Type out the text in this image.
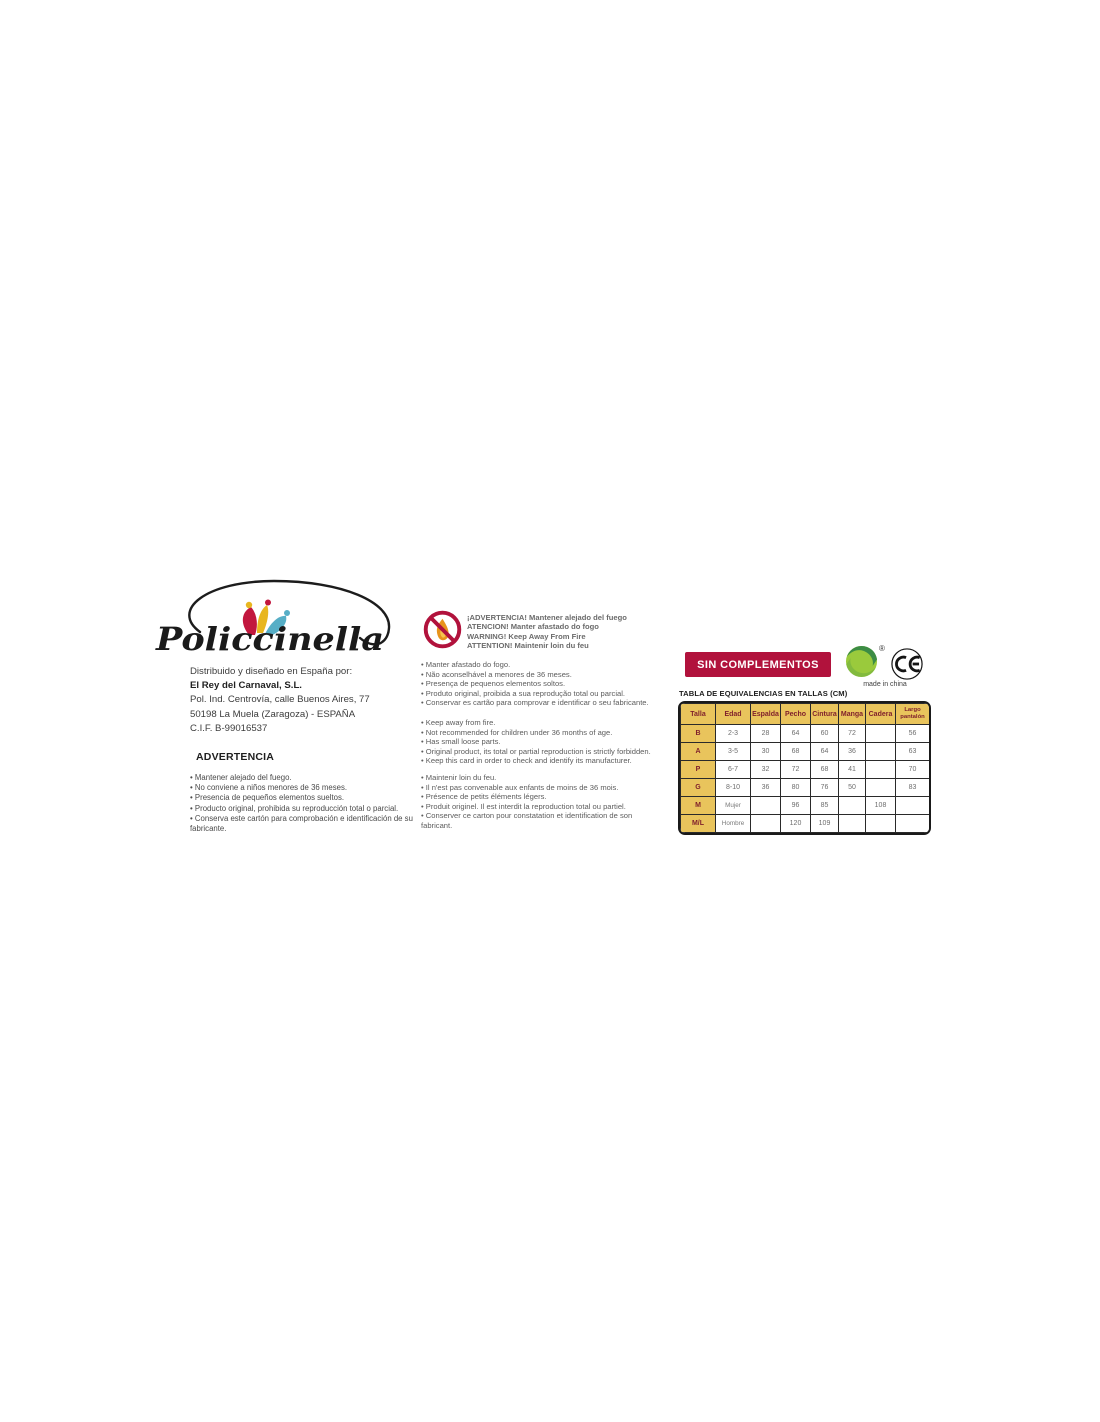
Policcinella
Distribuido y diseñado en España por:
El Rey del Carnaval, S.L.
Pol. Ind. Centrovía, calle Buenos Aires, 77
50198 La Muela (Zaragoza) - ESPAÑA
C.I.F. B-99016537
ADVERTENCIA
• Mantener alejado del fuego.
• No conviene a niños menores de 36 meses.
• Presencia de pequeños elementos sueltos.
• Producto original, prohibida su reproducción total o parcial.
• Conserva este cartón para comprobación e identificación de su fabricante.
¡ADVERTENCIA! Mantener alejado del fuego
ATENCION! Manter afastado do fogo
WARNING! Keep Away From Fire
ATTENTION! Maintenir loin du feu
• Manter afastado do fogo.
• Não aconselhável a menores de 36 meses.
• Presença de pequenos elementos soltos.
• Produto original, proibida a sua reprodução total ou parcial.
• Conservar es cartão para comprovar e identificar o seu fabricante.
• Keep away from fire.
• Not recommended for children under 36 months of age.
• Has small loose parts.
• Original product, its total or partial reproduction is strictly forbidden.
• Keep this card in order to check and identify its manufacturer.
• Maintenir loin du feu.
• Il n'est pas convenable aux enfants de moins de 36 mois.
• Présence de petits éléments légers.
• Produit originel. Il est interdit la reproduction total ou partiel.
• Conserver ce carton pour constatation et identification de son fabricant.
SIN COMPLEMENTOS
®
made in china
TABLA DE EQUIVALENCIAS EN TALLAS (CM)
Talla	Edad	Espalda	Pecho	Cintura	Manga	Cadera	Largo pantalón
B	2-3	28	64	60	72		56
A	3-5	30	68	64	36		63
P	6-7	32	72	68	41		70
G	8-10	36	80	76	50		83
M	Mujer		96	85		108	
M/L	Hombre		120	109			
